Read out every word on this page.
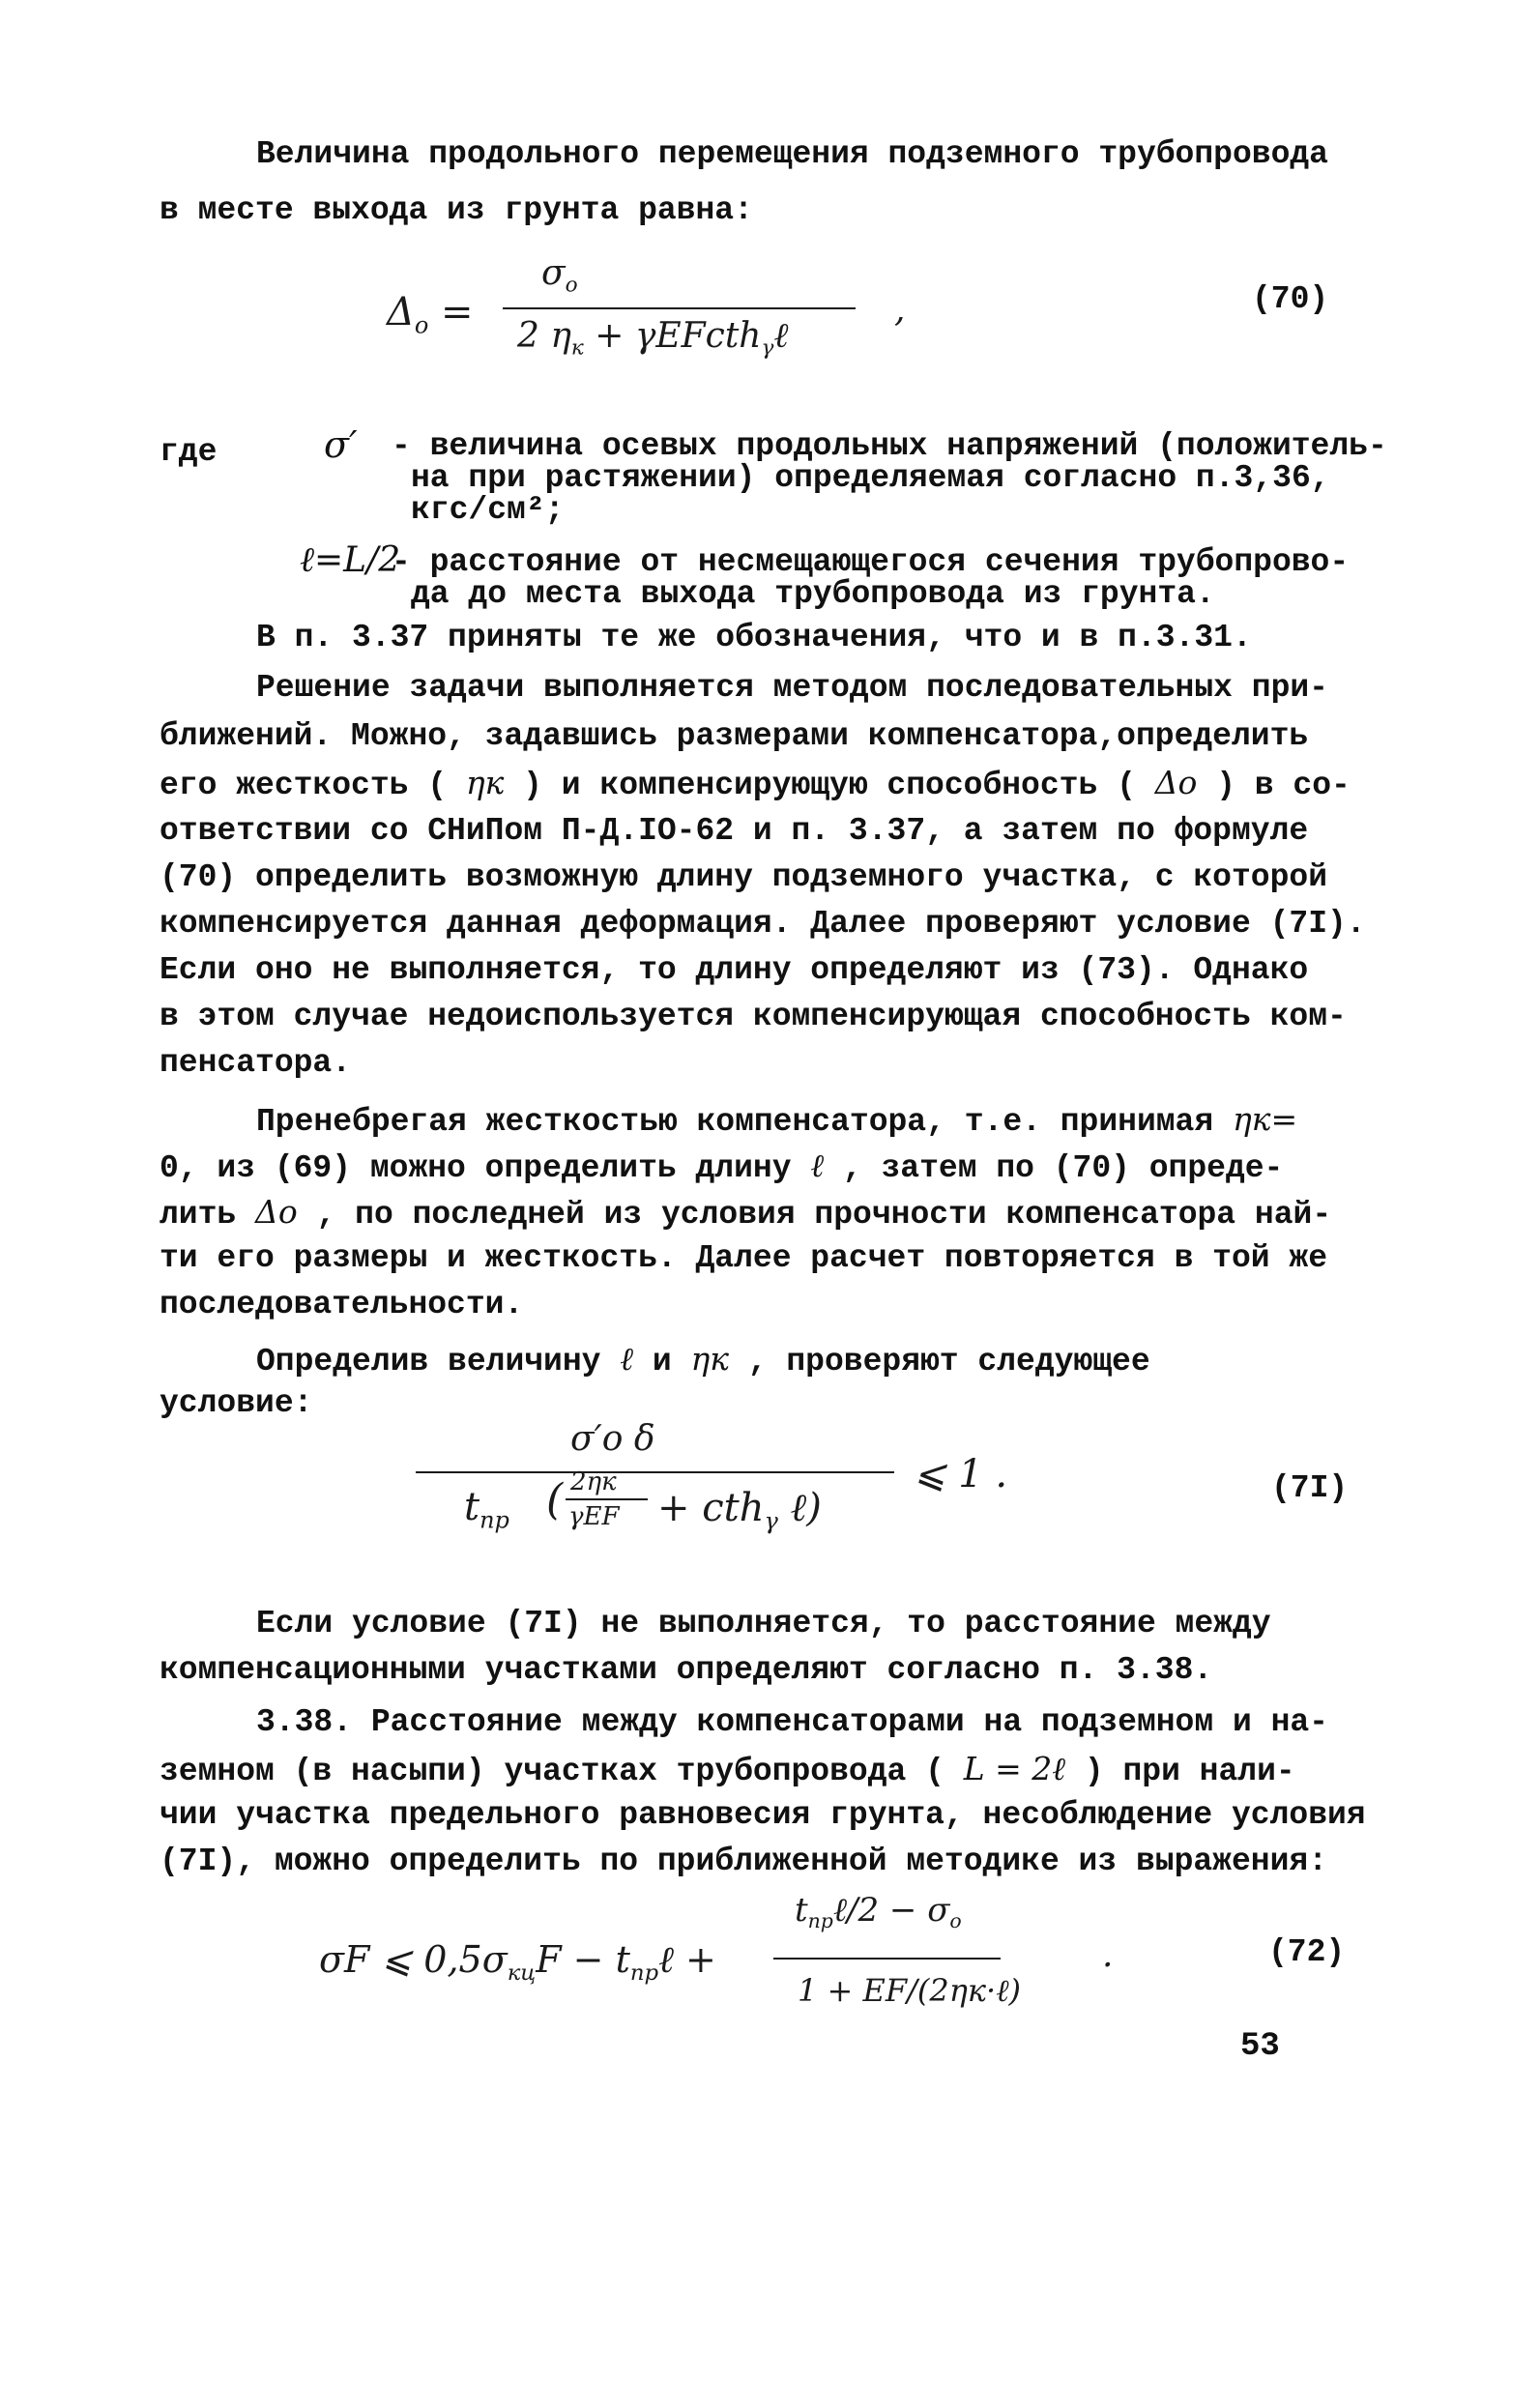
Величина продольного перемещения подземного трубопровода
в месте выхода из грунта равна:
$\Delta_o$ =
$\sigma_o$
2 $\eta_к$ + γEFcth$_\gamma$ℓ
,	(70)
где	σ′ - величина осевых продольных напряжений (положитель-
на при растяжении) определяемая согласно п.3,36,
кгс/см²;
ℓ=L/2
- расстояние от несмещающегося сечения трубопрово-
да до места выхода трубопровода из грунта.
В п. 3.37 приняты те же обозначения, что и в п.3.31.
Решение задачи выполняется методом последовательных при-
ближений. Можно, задавшись размерами компенсатора,определить
его жесткость ( ηк ) и компенсирующую способность ( Δo ) в со-
ответствии со СНиПом П-Д.IO-62 и п. 3.37, а затем по формуле
(70) определить возможную длину подземного участка, с которой
компенсируется данная деформация. Далее проверяют условие (7I).
Если оно не выполняется, то длину определяют из (73). Однако
в этом случае недоиспользуется компенсирующая способность ком-
пенсатора.
Пренебрегая жесткостью компенсатора, т.е. принимая ηк=
0, из (69) можно определить длину ℓ , затем по (70) опреде-
лить Δo , по последней из условия прочности компенсатора най-
ти его размеры и жесткость. Далее расчет повторяется в той же
последовательности.
Определив величину ℓ и ηк , проверяют следующее
условие:
σ′o δ
$t_{np}$ ( 2ηк
γEF + cth$_\gamma$ ℓ)
⩽ 1 .	(7I)
Если условие (7I) не выполняется, то расстояние между
компенсационными участками определяют согласно п. 3.38.
3.38. Расстояние между компенсаторами на подземном и на-
земном (в насыпи) участках трубопровода ( L = 2ℓ ) при нали-
чии участка предельного равновесия грунта, несоблюдение условия
(7I), можно определить по приближенной методике из выражения:
σF ⩽ $0,5\sigma_{кц}F$ − $t_{np}\ell$ +
$t_{np}\ell/2 - \sigma_o$
1 + EF/(2ηк·ℓ)
.	(72)
53
